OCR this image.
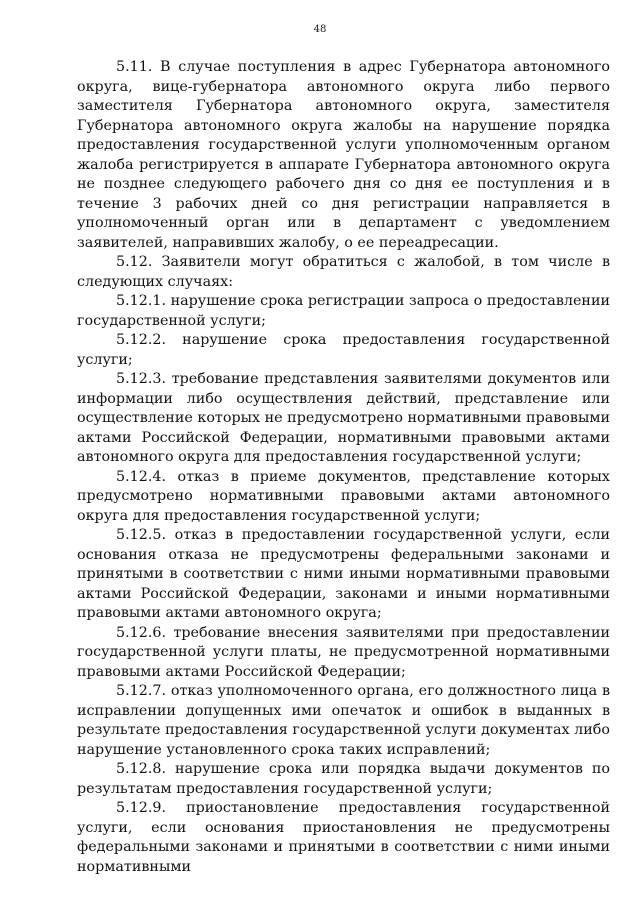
48

5.11. В случае поступления в адрес Губернатора автономного округа, вице-губернатора автономного округа либо первого заместителя Губернатора автономного округа, заместителя Губернатора автономного округа жалобы на нарушение порядка предоставления государственной услуги уполномоченным органом жалоба регистрируется в аппарате Губернатора автономного округа не позднее следующего рабочего дня со дня ее поступления и в течение 3 рабочих дней со дня регистрации направляется в уполномоченный орган или в департамент с уведомлением заявителей, направивших жалобу, о ее переадресации.

5.12. Заявители могут обратиться с жалобой, в том числе в следующих случаях:

5.12.1. нарушение срока регистрации запроса о предоставлении государственной услуги;

5.12.2. нарушение срока предоставления государственной услуги;

5.12.3. требование представления заявителями документов или информации либо осуществления действий, представление или осуществление которых не предусмотрено нормативными правовыми актами Российской Федерации, нормативными правовыми актами автономного округа для предоставления государственной услуги;

5.12.4. отказ в приеме документов, представление которых предусмотрено нормативными правовыми актами автономного округа для предоставления государственной услуги;

5.12.5. отказ в предоставлении государственной услуги, если основания отказа не предусмотрены федеральными законами и принятыми в соответствии с ними иными нормативными правовыми актами Российской Федерации, законами и иными нормативными правовыми актами автономного округа;

5.12.6. требование внесения заявителями при предоставлении государственной услуги платы, не предусмотренной нормативными правовыми актами Российской Федерации;

5.12.7. отказ уполномоченного органа, его должностного лица в исправлении допущенных ими опечаток и ошибок в выданных в результате предоставления государственной услуги документах либо нарушение установленного срока таких исправлений;

5.12.8. нарушение срока или порядка выдачи документов по результатам предоставления государственной услуги;

5.12.9. приостановление предоставления государственной услуги, если основания приостановления не предусмотрены федеральными законами и принятыми в соответствии с ними иными нормативными
